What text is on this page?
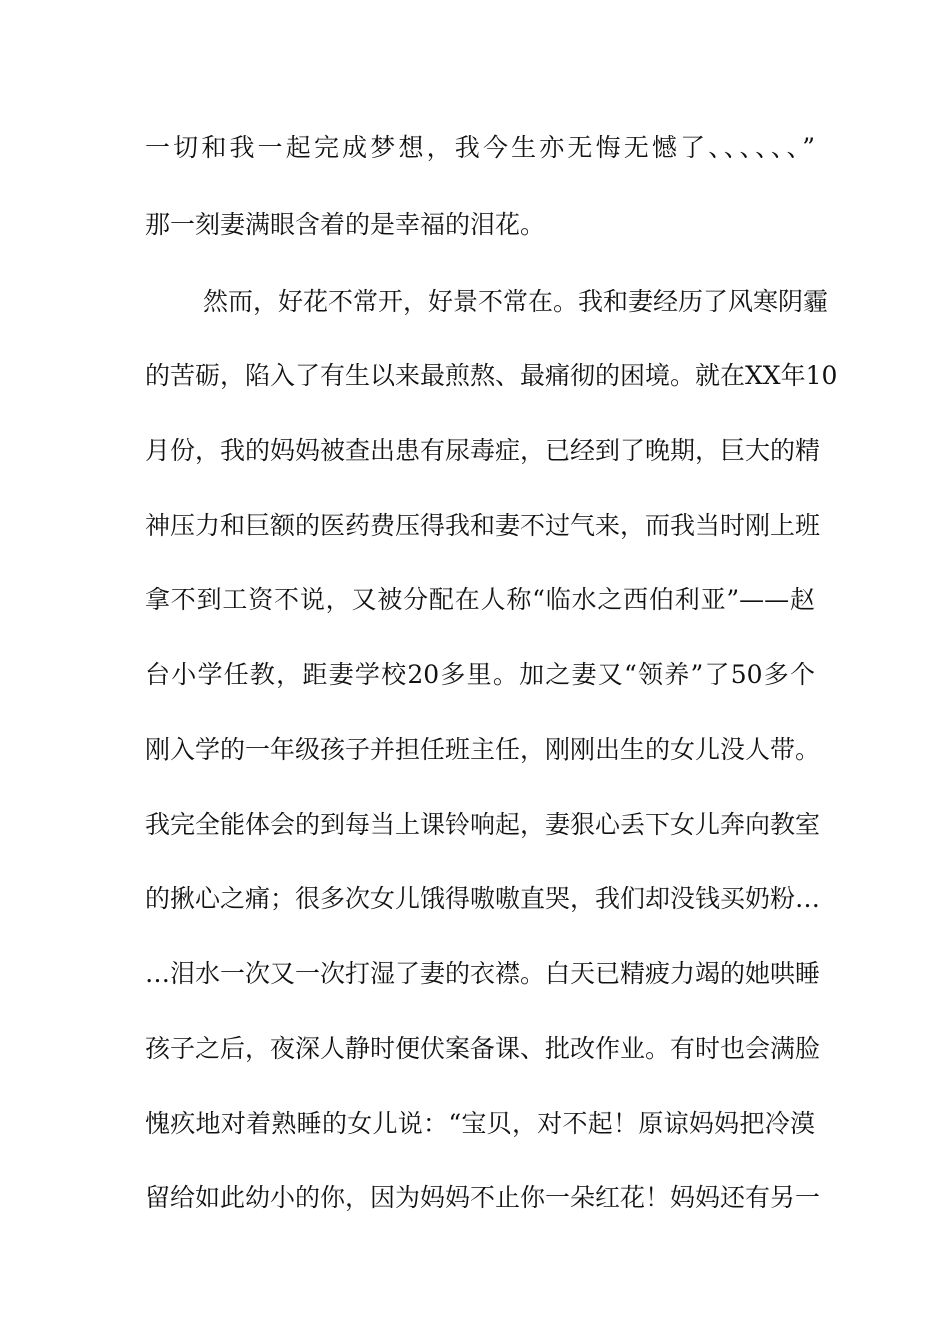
一切和我一起完成梦想，我今生亦无悔无憾了、、、、、、”
那一刻妻满眼含着的是幸福的泪花。
然而，好花不常开，好景不常在。我和妻经历了风寒阴霾
的苦砺，陷入了有生以来最煎熬、最痛彻的困境。就在XX年10
月份，我的妈妈被查出患有尿毒症，已经到了晚期，巨大的精
神压力和巨额的医药费压得我和妻不过气来，而我当时刚上班
拿不到工资不说，又被分配在人称“临水之西伯利亚”——赵
台小学任教，距妻学校20多里。加之妻又“领养”了50多个
刚入学的一年级孩子并担任班主任，刚刚出生的女儿没人带。
我完全能体会的到每当上课铃响起，妻狠心丢下女儿奔向教室
的揪心之痛；很多次女儿饿得嗷嗷直哭，我们却没钱买奶粉…
…泪水一次又一次打湿了妻的衣襟。白天已精疲力竭的她哄睡
孩子之后，夜深人静时便伏案备课、批改作业。有时也会满脸
愧疚地对着熟睡的女儿说：“宝贝，对不起！原谅妈妈把冷漠
留给如此幼小的你，因为妈妈不止你一朵红花！妈妈还有另一
